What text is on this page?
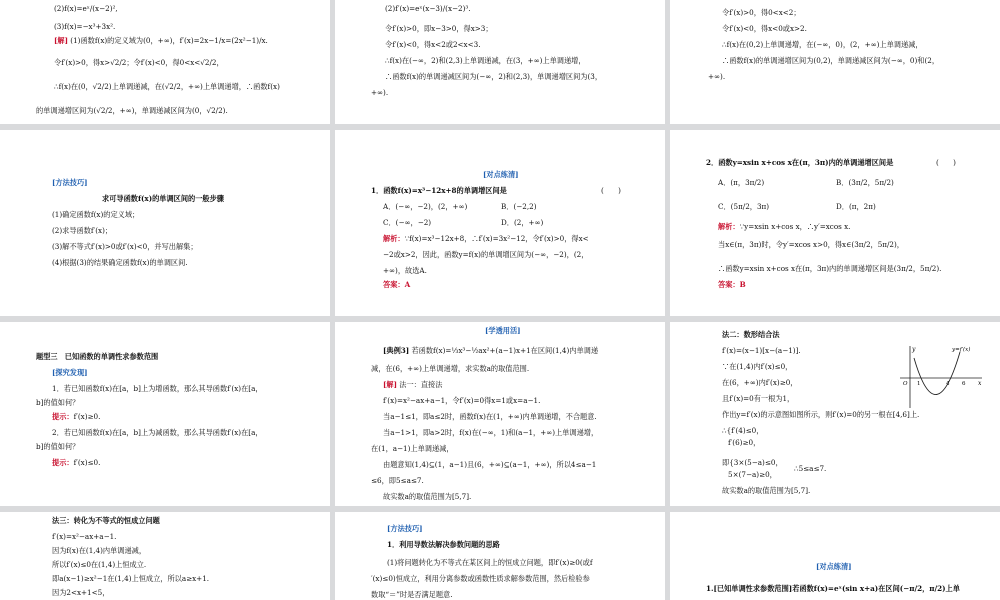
(2)f(x)=eˣ/(x−2)²,

(3)f(x)=−x³+3x².

[解] (1)函数f(x)的定义域为(0，+∞)，f′(x)=2x−1/x=(2x²−1)/x.

令f′(x)>0，得x>√2/2；令f′(x)<0，得0<x<√2/2，

∴f(x)在(0，√2/2)上单调递减，在(√2/2，+∞)上单调递增，∴函数f(x)

的单调递增区间为(√2/2，+∞)，单调递减区间为(0，√2/2).

(2)f′(x)=eˣ(x−3)/(x−2)³.

令f′(x)>0，即x−3>0，得x>3；

令f′(x)<0，得x<2或2<x<3.

∴f(x)在(−∞，2)和(2,3)上单调递减，在(3，+∞)上单调递增，

∴函数f(x)的单调递减区间为(−∞，2)和(2,3)，单调递增区间为(3，

+∞).

令f′(x)>0，得0<x<2；

令f′(x)<0，得x<0或x>2.

∴f(x)在(0,2)上单调递增，在(−∞，0)，(2，+∞)上单调递减，

∴函数f(x)的单调递增区间为(0,2)，单调递减区间为(−∞，0)和(2，

+∞).

[方法技巧]

求可导函数f(x)的单调区间的一般步骤

(1)确定函数f(x)的定义域；

(2)求导函数f′(x)；

(3)解不等式f′(x)>0或f′(x)<0，并写出解集；

(4)根据(3)的结果确定函数f(x)的单调区间.

[对点练清]

1．函数f(x)=x³−12x+8的单调增区间是	(　　)

A．(−∞，−2)，(2，+∞)	B．(−2,2)

C．(−∞，−2)	D．(2，+∞)

解析：∵f(x)=x³−12x+8，∴f′(x)=3x²−12，令f′(x)>0，得x<

−2或x>2，因此，函数y=f(x)的单调增区间为(−∞，−2)，(2，

+∞)，故选A.

答案：A

2．函数y=xsin x+cos x在(π，3π)内的单调递增区间是	(　　)

A．(π，3π/2)	B．(3π/2，5π/2)

C．(5π/2，3π)	D．(π，2π)

解析：∵y=xsin x+cos x，∴y′=xcos x.

当x∈(π，3π)时，令y′=xcos x>0，得x∈(3π/2，5π/2)，

∴函数y=xsin x+cos x在(π，3π)内的单调递增区间是(3π/2，5π/2).

答案：B

题型三　已知函数的单调性求参数范围

[探究发现]

1．若已知函数f(x)在[a，b]上为增函数，那么其导函数f′(x)在[a，

b]的值如何？

提示：f′(x)≥0.

2．若已知函数f(x)在[a，b]上为减函数，那么其导函数f′(x)在[a，

b]的值如何？

提示：f′(x)≤0.

[学透用活]

[典例3] 若函数f(x)=⅓x³−½ax²+(a−1)x+1在区间(1,4)内单调递

减，在(6，+∞)上单调递增，求实数a的取值范围.

[解] 法一：直接法

f′(x)=x²−ax+a−1，令f′(x)=0得x=1或x=a−1.

当a−1≤1，即a≤2时，函数f(x)在(1，+∞)内单调递增，不合题意.

当a−1>1，即a>2时，f(x)在(−∞，1)和(a−1，+∞)上单调递增，

在(1，a−1)上单调递减，

由题意知(1,4)⊆(1，a−1)且(6，+∞)⊆(a−1，+∞)，所以4≤a−1

≤6，即5≤a≤7.

故实数a的取值范围为[5,7].

法二：数形结合法

f′(x)=(x−1)[x−(a−1)].

∵在(1,4)内f′(x)≤0，

在(6，+∞)内f′(x)≥0，

且f′(x)=0有一根为1，

作出y=f′(x)的示意图如图所示，则f′(x)=0的另一根在[4,6]上.

∴{f′(4)≤0，

f′(6)≥0，

即{3×(5−a)≤0，

5×(7−a)≥0，

∴5≤a≤7.

故实数a的取值范围为[5,7].

y	y=f′(x)
O 1	4 6 x

法三：转化为不等式的恒成立问题

f′(x)=x²−ax+a−1.

因为f(x)在(1,4)内单调递减，

所以f′(x)≤0在(1,4)上恒成立.

即a(x−1)≥x²−1在(1,4)上恒成立，所以a≥x+1.

因为2<x+1<5，

[方法技巧]

1．利用导数法解决参数问题的思路

(1)将问题转化为不等式在某区间上的恒成立问题，即f′(x)≥0(或f

′(x)≤0)恒成立，利用分离参数或函数性质求解参数范围，然后检验参

数取“＝”时是否满足题意.

[对点练清]

1.[已知单调性求参数范围]若函数f(x)=eˣ(sin x+a)在区间(−π/2，π/2)上单
